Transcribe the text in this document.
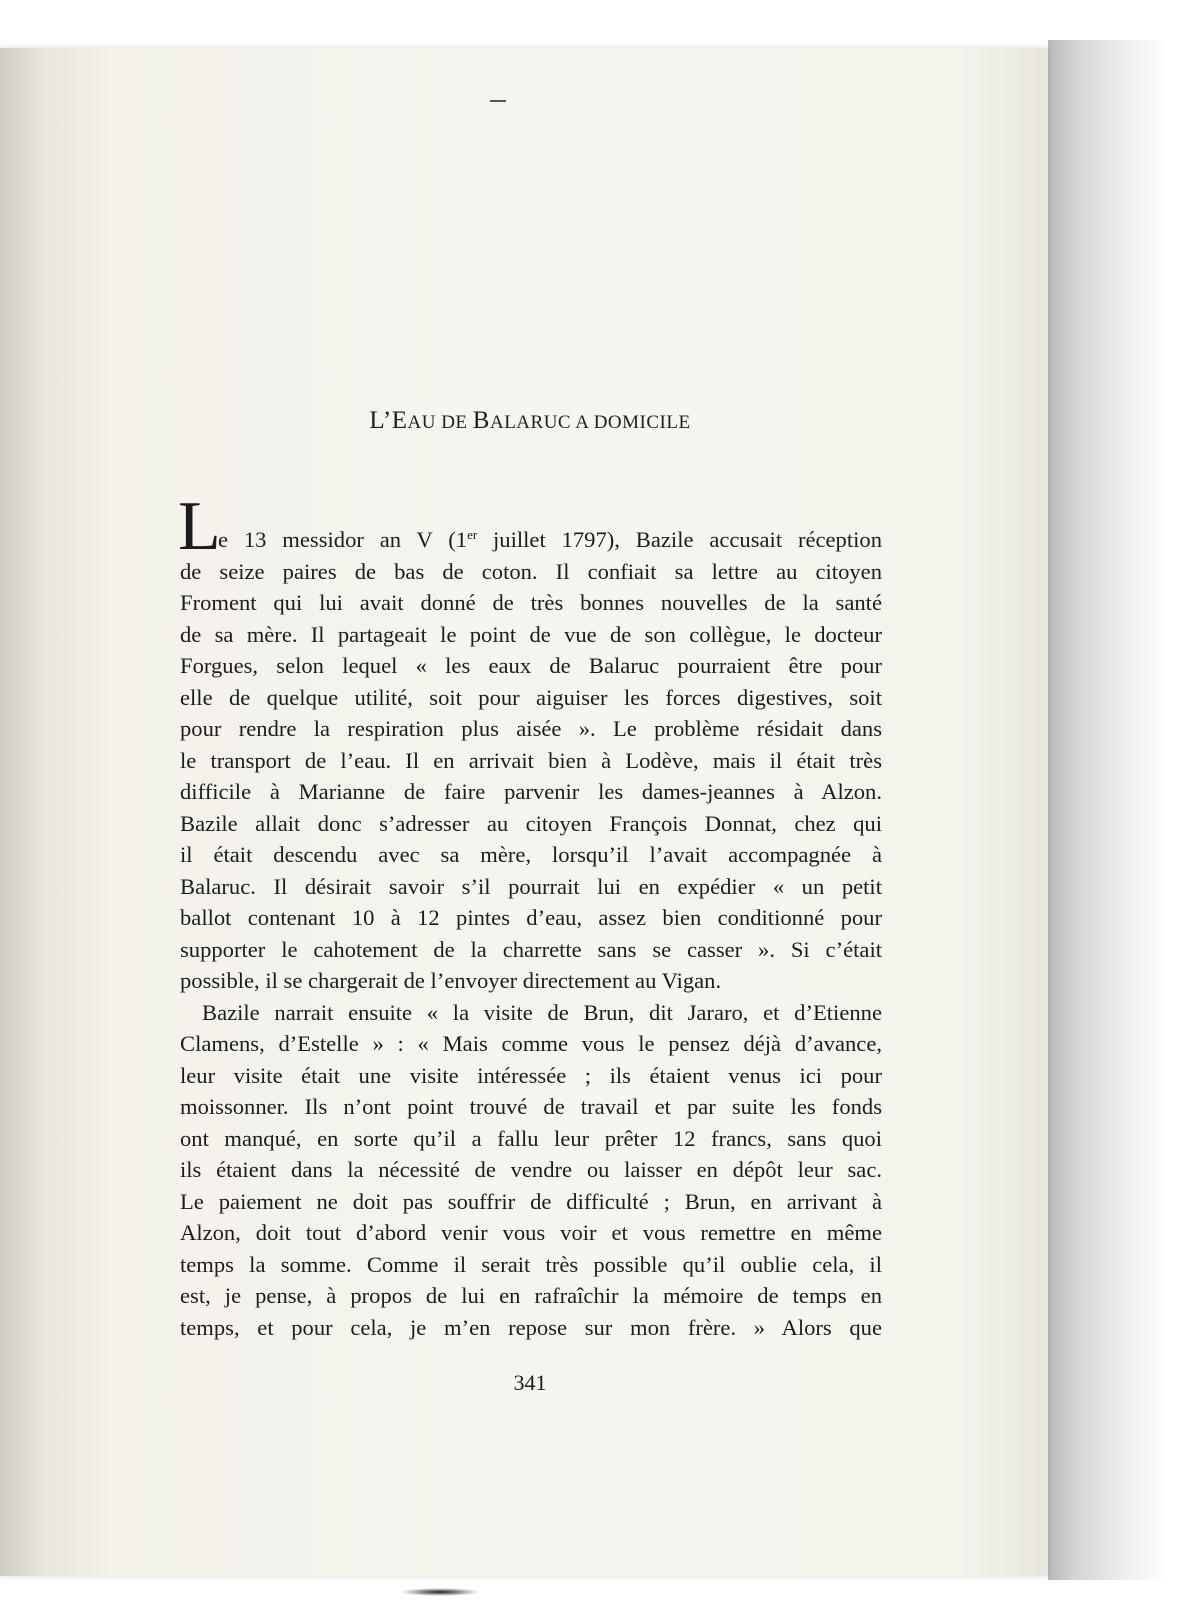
L’EAU DE BALARUC A DOMICILE
L
e 13 messidor an V (1er juillet 1797), Bazile accusait réception
de seize paires de bas de coton. Il confiait sa lettre au citoyen
Froment qui lui avait donné de très bonnes nouvelles de la santé
de sa mère. Il partageait le point de vue de son collègue, le docteur
Forgues, selon lequel « les eaux de Balaruc pourraient être pour
elle de quelque utilité, soit pour aiguiser les forces digestives, soit
pour rendre la respiration plus aisée ». Le problème résidait dans
le transport de l’eau. Il en arrivait bien à Lodève, mais il était très
difficile à Marianne de faire parvenir les dames-jeannes à Alzon.
Bazile allait donc s’adresser au citoyen François Donnat, chez qui
il était descendu avec sa mère, lorsqu’il l’avait accompagnée à
Balaruc. Il désirait savoir s’il pourrait lui en expédier « un petit
ballot contenant 10 à 12 pintes d’eau, assez bien conditionné pour
supporter le cahotement de la charrette sans se casser ». Si c’était
possible, il se chargerait de l’envoyer directement au Vigan.
Bazile narrait ensuite « la visite de Brun, dit Jararo, et d’Etienne
Clamens, d’Estelle » : « Mais comme vous le pensez déjà d’avance,
leur visite était une visite intéressée ; ils étaient venus ici pour
moissonner. Ils n’ont point trouvé de travail et par suite les fonds
ont manqué, en sorte qu’il a fallu leur prêter 12 francs, sans quoi
ils étaient dans la nécessité de vendre ou laisser en dépôt leur sac.
Le paiement ne doit pas souffrir de difficulté ; Brun, en arrivant à
Alzon, doit tout d’abord venir vous voir et vous remettre en même
temps la somme. Comme il serait très possible qu’il oublie cela, il
est, je pense, à propos de lui en rafraîchir la mémoire de temps en
temps, et pour cela, je m’en repose sur mon frère. » Alors que
341
